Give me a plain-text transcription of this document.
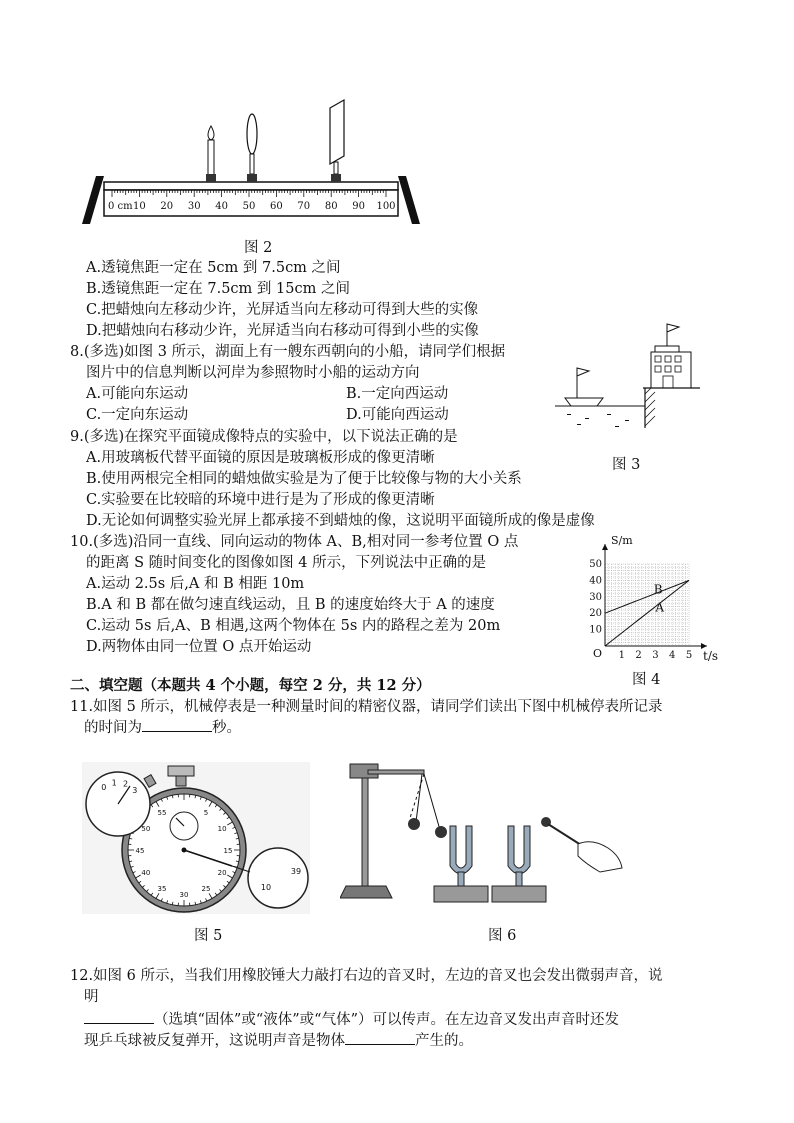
0 cm 10 20 30 40 50 60 70 80 90 100
图 2
A.透镜焦距一定在 5cm 到 7.5cm 之间
B.透镜焦距一定在 7.5cm 到 15cm 之间
C.把蜡烛向左移动少许，光屏适当向左移动可得到大些的实像
D.把蜡烛向右移动少许，光屏适当向右移动可得到小些的实像
8.(多选)如图 3 所示，湖面上有一艘东西朝向的小船，请同学们根据
图片中的信息判断以河岸为参照物时小船的运动方向
A.可能向东运动	B.一定向西运动
C.一定向东运动	D.可能向西运动
图 3
9.(多选)在探究平面镜成像特点的实验中，以下说法正确的是
A.用玻璃板代替平面镜的原因是玻璃板形成的像更清晰
B.使用两根完全相同的蜡烛做实验是为了便于比较像与物的大小关系
C.实验要在比较暗的环境中进行是为了形成的像更清晰
D.无论如何调整实验光屏上都承接不到蜡烛的像，这说明平面镜所成的像是虚像
10.(多选)沿同一直线、同向运动的物体 A、B,相对同一参考位置 O 点
的距离 S 随时间变化的图像如图 4 所示，下列说法中正确的是
A.运动 2.5s 后,A 和 B 相距 10m
B.A 和 B 都在做匀速直线运动，且 B 的速度始终大于 A 的速度
C.运动 5s 后,A、B 相遇,这两个物体在 5s 内的路程之差为 20m
D.两物体由同一位置 O 点开始运动
10
20
30
40
50
1 2 3 4 5
O	t/s
S/m
B
A
图 4
二、填空题（本题共 4 个小题，每空 2 分，共 12 分）
11.如图 5 所示，机械停表是一种测量时间的精密仪器，请同学们读出下图中机械停表所记录
的时间为	秒。
55	5
10
50
15
45
20
40
25
35
30
0
1 2
3
39
10
图 5	图 6
12.如图 6 所示，当我们用橡胶锤大力敲打右边的音叉时，左边的音叉也会发出微弱声音，说
明
（选填“固体”或“液体”或“气体”）可以传声。在左边音叉发出声音时还发
现乒乓球被反复弹开，这说明声音是物体	产生的。
